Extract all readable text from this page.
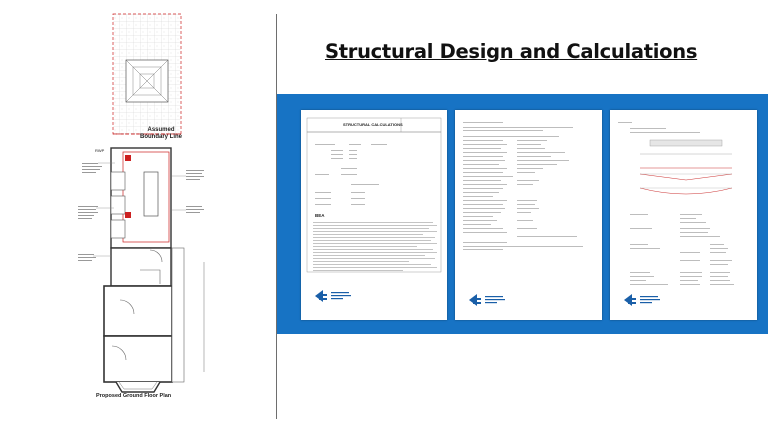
Assumed
Boundary Line
RWP
Proposed Ground Floor Plan
Structural Design and Calculations
STRUCTURAL CALCULATIONS
BEA
